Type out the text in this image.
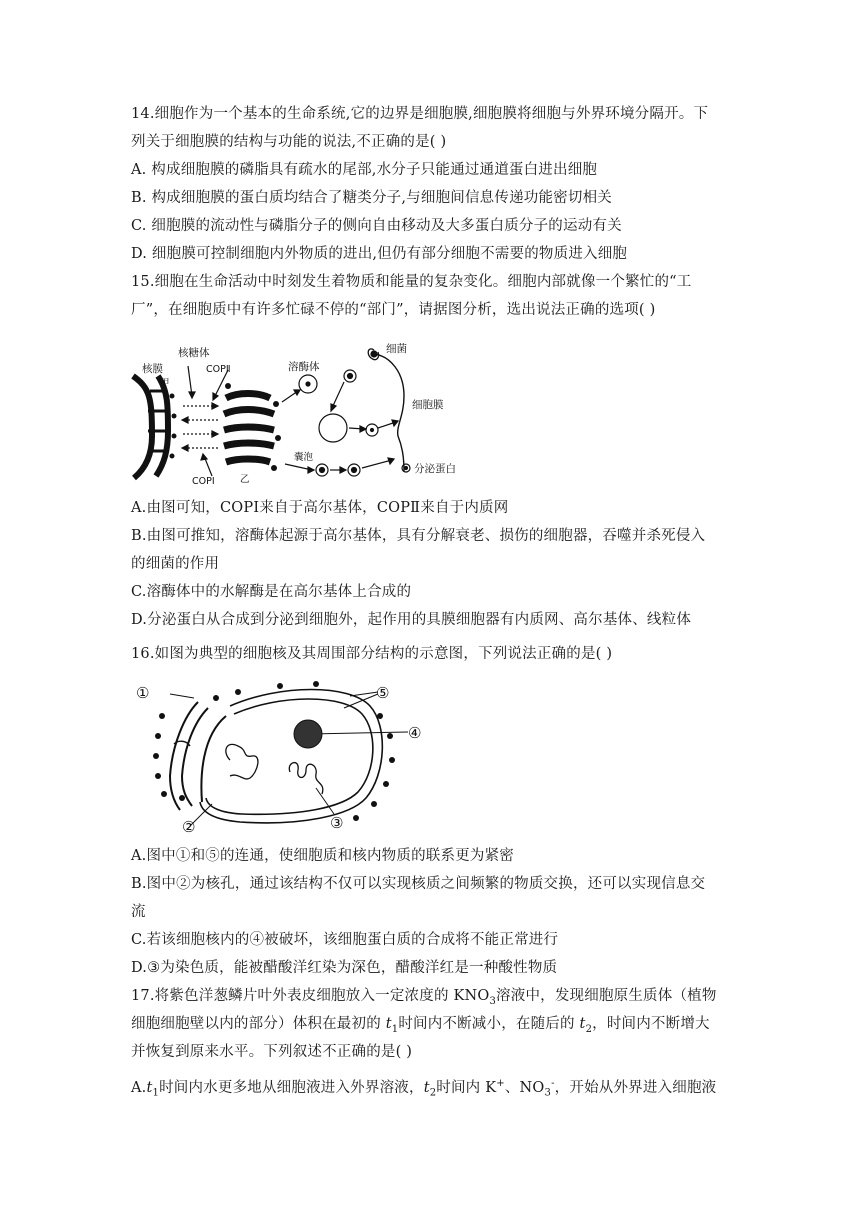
14.细胞作为一个基本的生命系统,它的边界是细胞膜,细胞膜将细胞与外界环境分隔开。下
列关于细胞膜的结构与功能的说法,不正确的是( )
A. 构成细胞膜的磷脂具有疏水的尾部,水分子只能通过通道蛋白进出细胞
B. 构成细胞膜的蛋白质均结合了糖类分子,与细胞间信息传递功能密切相关
C. 细胞膜的流动性与磷脂分子的侧向自由移动及大多蛋白质分子的运动有关
D. 细胞膜可控制细胞内外物质的进出,但仍有部分细胞不需要的物质进入细胞
15.细胞在生命活动中时刻发生着物质和能量的复杂变化。细胞内部就像一个繁忙的“工
厂”，在细胞质中有许多忙碌不停的“部门”，请据图分析，选出说法正确的选项( )
核膜
核糖体
COPⅡ
甲
COPⅠ	乙
溶酶体
细菌
细胞膜
囊泡
分泌蛋白
A.由图可知，COPⅠ来自于高尔基体，COPⅡ来自于内质网
B.由图可推知，溶酶体起源于高尔基体，具有分解衰老、损伤的细胞器，吞噬并杀死侵入
的细菌的作用
C.溶酶体中的水解酶是在高尔基体上合成的
D.分泌蛋白从合成到分泌到细胞外，起作用的具膜细胞器有内质网、高尔基体、线粒体
16.如图为典型的细胞核及其周围部分结构的示意图，下列说法正确的是( )
①	⑤
④
②	③
A.图中①和⑤的连通，使细胞质和核内物质的联系更为紧密
B.图中②为核孔，通过该结构不仅可以实现核质之间频繁的物质交换，还可以实现信息交
流
C.若该细胞核内的④被破坏，该细胞蛋白质的合成将不能正常进行
D.③为染色质，能被醋酸洋红染为深色，醋酸洋红是一种酸性物质
17.将紫色洋葱鳞片叶外表皮细胞放入一定浓度的 $KNO_3$溶液中，发现细胞原生质体（植物
细胞细胞壁以内的部分）体积在最初的 $t_1$时间内不断减小，在随后的 $t_2$，时间内不断增大
并恢复到原来水平。下列叙述不正确的是( )
$A.t_1$时间内水更多地从细胞液进入外界溶液，$t_2$时间内 K+、$NO_3^-$，开始从外界进入细胞液
